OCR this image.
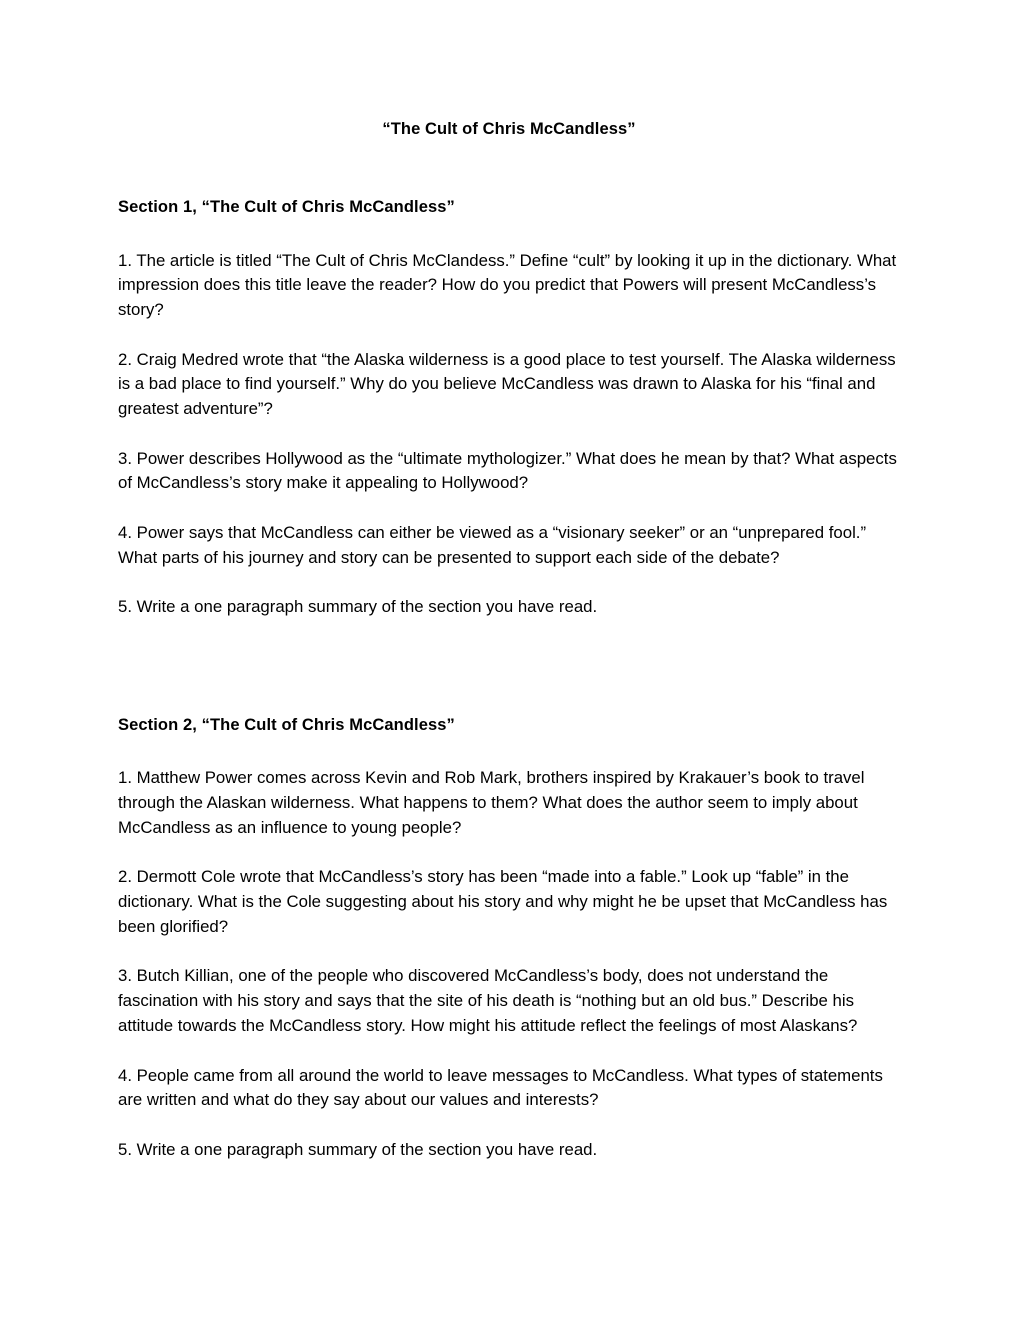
“The Cult of Chris McCandless”
Section 1, “The Cult of Chris McCandless”

1. The article is titled “The Cult of Chris McClandess.” Define “cult” by looking it up in the dictionary. What impression does this title leave the reader? How do you predict that Powers will present McCandless’s story?

2. Craig Medred wrote that “the Alaska wilderness is a good place to test yourself. The Alaska wilderness is a bad place to find yourself.” Why do you believe McCandless was drawn to Alaska for his “final and greatest adventure”?

3. Power describes Hollywood as the “ultimate mythologizer.” What does he mean by that? What aspects of McCandless’s story make it appealing to Hollywood?

4. Power says that McCandless can either be viewed as a “visionary seeker” or an “unprepared fool.” What parts of his journey and story can be presented to support each side of the debate?

5. Write a one paragraph summary of the section you have read.

Section 2, “The Cult of Chris McCandless”

1. Matthew Power comes across Kevin and Rob Mark, brothers inspired by Krakauer’s book to travel through the Alaskan wilderness. What happens to them? What does the author seem to imply about McCandless as an influence to young people?

2. Dermott Cole wrote that McCandless’s story has been “made into a fable.” Look up “fable” in the dictionary. What is the Cole suggesting about his story and why might he be upset that McCandless has been glorified?

3. Butch Killian, one of the people who discovered McCandless’s body, does not understand the fascination with his story and says that the site of his death is “nothing but an old bus.” Describe his attitude towards the McCandless story. How might his attitude reflect the feelings of most Alaskans?

4. People came from all around the world to leave messages to McCandless. What types of statements are written and what do they say about our values and interests?

5. Write a one paragraph summary of the section you have read.
